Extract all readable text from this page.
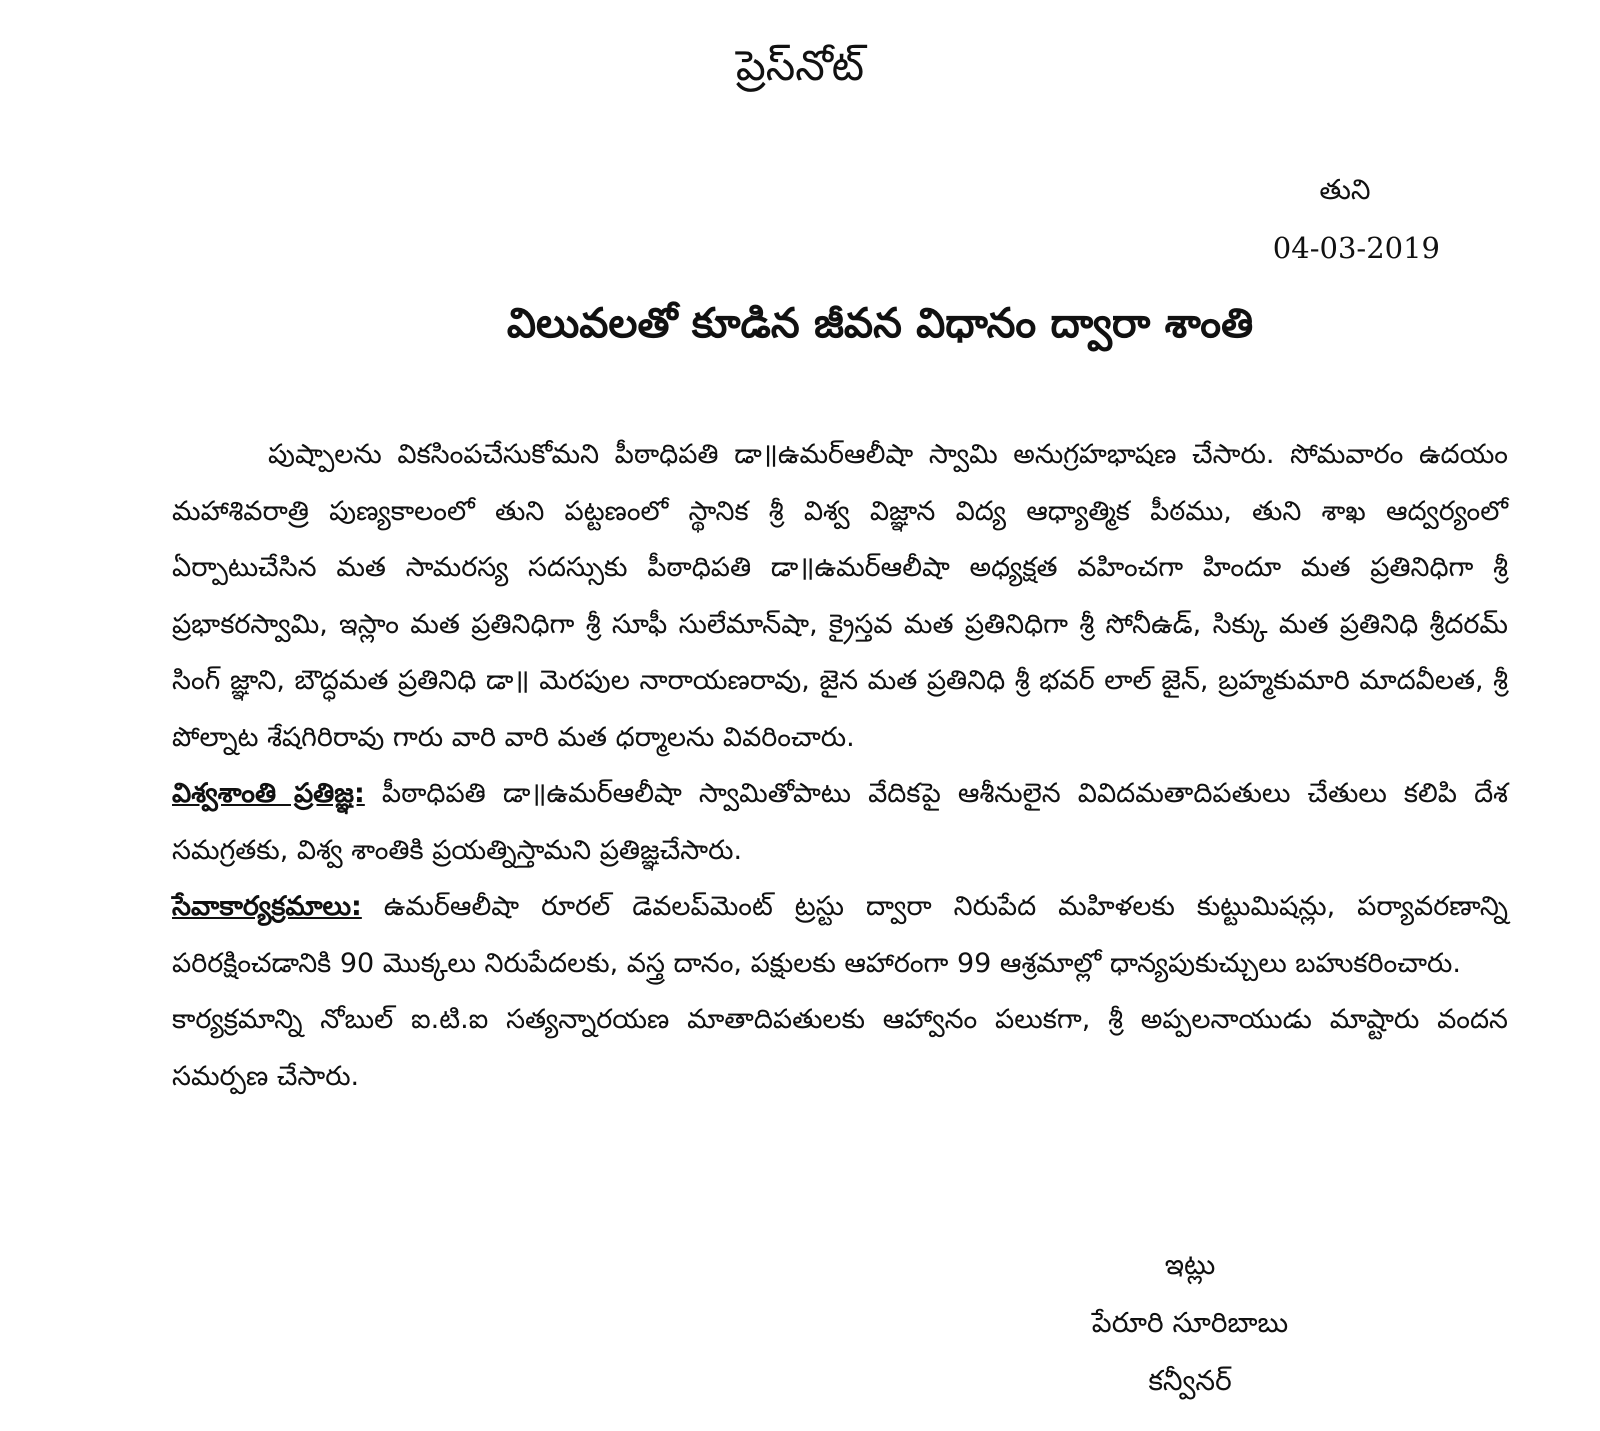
ప్రెస్‌నోట్
తుని
04-03-2019
విలువలతో కూడిన జీవన విధానం ద్వారా శాంతి

పుష్పాలను వికసింపచేసుకోమని పీఠాధిపతి డా॥ఉమర్‌ఆలీషా స్వామి అనుగ్రహభాషణ చేసారు. సోమవారం ఉదయం మహాశివరాత్రి పుణ్యకాలంలో తుని పట్టణంలో స్థానిక శ్రీ విశ్వ విజ్ఞాన విద్య ఆధ్యాత్మిక పీఠము, తుని శాఖ ఆద్వర్యంలో ఏర్పాటుచేసిన మత సామరస్య సదస్సుకు పీఠాధిపతి డా॥ఉమర్‌ఆలీషా అధ్యక్షత వహించగా హిందూ మత ప్రతినిధిగా శ్రీ ప్రభాకరస్వామి, ఇస్లాం మత ప్రతినిధిగా శ్రీ సూఫీ సులేమాన్‌షా, క్రైస్తవ మత ప్రతినిధిగా శ్రీ సోనీఉడ్, సిక్కు మత ప్రతినిధి శ్రీదరమ్ సింగ్ జ్ఞాని, బౌద్ధమత ప్రతినిధి డా॥ మెరపుల నారాయణరావు, జైన మత ప్రతినిధి శ్రీ భవర్ లాల్ జైన్, బ్రహ్మకుమారి మాదవీలత, శ్రీ పోల్నాట శేషగిరిరావు గారు వారి వారి మత ధర్మాలను వివరించారు.

విశ్వశాంతి ప్రతిజ్ఞ: పీఠాధిపతి డా॥ఉమర్‌ఆలీషా స్వామితోపాటు వేదికపై ఆశీనులైన వివిదమతాదిపతులు చేతులు కలిపి దేశ సమగ్రతకు, విశ్వ శాంతికి ప్రయత్నిస్తామని ప్రతిజ్ఞచేసారు.

సేవాకార్యక్రమాలు: ఉమర్‌ఆలీషా రూరల్ డెవలప్‌మెంట్ ట్రస్టు ద్వారా నిరుపేద మహిళలకు కుట్టుమిషన్లు, పర్యావరణాన్ని పరిరక్షించడానికి 90 మొక్కలు నిరుపేదలకు, వస్త్ర దానం, పక్షులకు ఆహారంగా 99 ఆశ్రమాల్లో ధాన్యపుకుచ్చులు బహుకరించారు.

కార్యక్రమాన్ని నోబుల్ ఐ.టి.ఐ సత్యన్నారయణ మాతాదిపతులకు ఆహ్వానం పలుకగా, శ్రీ అప్పలనాయుడు మాష్టారు వందన సమర్పణ చేసారు.

ఇట్లు
పేరూరి సూరిబాబు
కన్వీనర్
